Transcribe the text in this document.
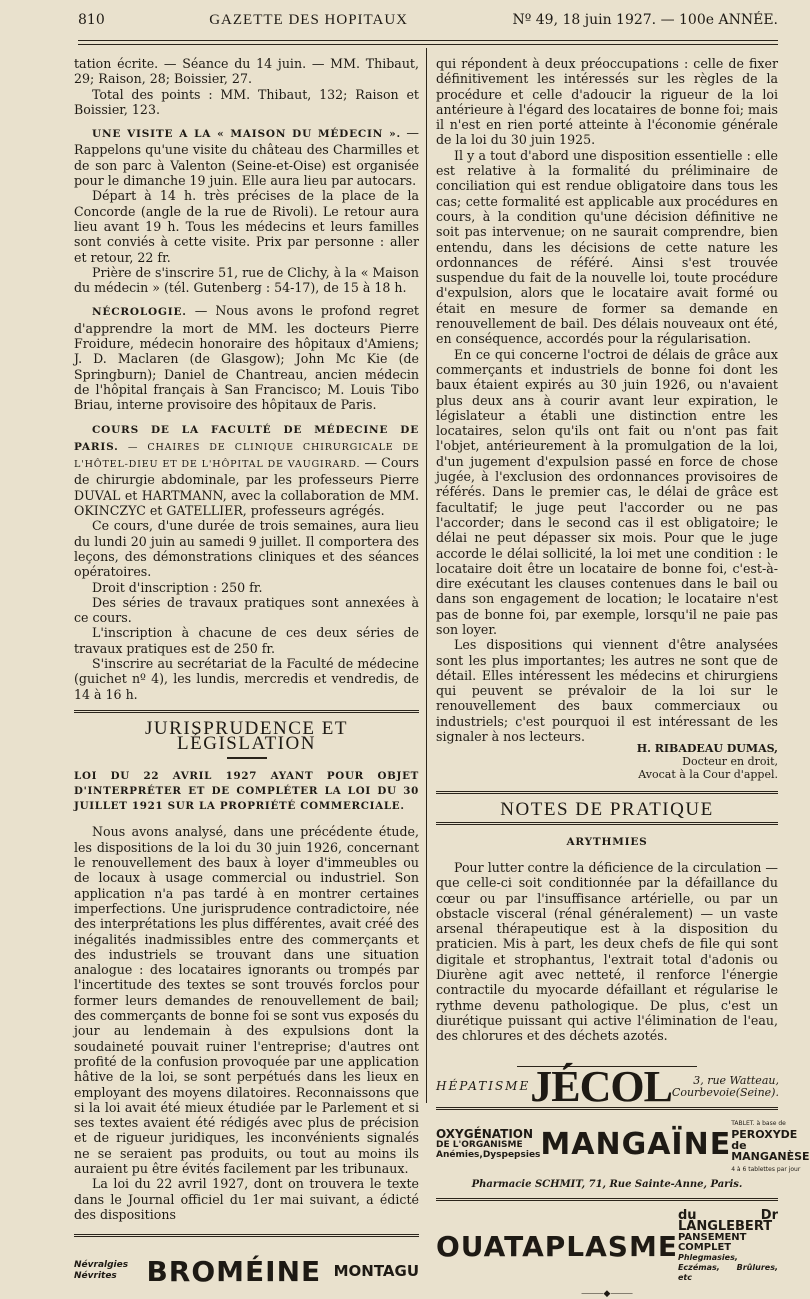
810	GAZETTE DES HOPITAUX	Nº 49, 18 juin 1927. — 100e ANNÉE.

tation écrite. — Séance du 14 juin. — MM. Thibaut, 29; Raison, 28; Boissier, 27.

Total des points : MM. Thibaut, 132; Raison et Boissier, 123.

UNE VISITE A LA « MAISON DU MÉDECIN ». — Rappelons qu'une visite du château des Charmilles et de son parc à Valenton (Seine-et-Oise) est organisée pour le dimanche 19 juin. Elle aura lieu par autocars.

Départ à 14 h. très précises de la place de la Concorde (angle de la rue de Rivoli). Le retour aura lieu avant 19 h. Tous les médecins et leurs familles sont conviés à cette visite. Prix par personne : aller et retour, 22 fr.

Prière de s'inscrire 51, rue de Clichy, à la « Maison du médecin » (tél. Gutenberg : 54-17), de 15 à 18 h.

NÉCROLOGIE. — Nous avons le profond regret d'apprendre la mort de MM. les docteurs Pierre Froidure, médecin honoraire des hôpitaux d'Amiens; J. D. Maclaren (de Glasgow); John Mc Kie (de Springburn); Daniel de Chantreau, ancien médecin de l'hôpital français à San Francisco; M. Louis Tibo Briau, interne provisoire des hôpitaux de Paris.

COURS DE LA FACULTÉ DE MÉDECINE DE PARIS. — CHAIRES DE CLINIQUE CHIRURGICALE DE L'HÔTEL-DIEU ET DE L'HÔPITAL DE VAUGIRARD. — Cours de chirurgie abdominale, par les professeurs Pierre DUVAL et HARTMANN, avec la collaboration de MM. OKINCZYC et GATELLIER, professeurs agrégés.

Ce cours, d'une durée de trois semaines, aura lieu du lundi 20 juin au samedi 9 juillet. Il comportera des leçons, des démonstrations cliniques et des séances opératoires.

Droit d'inscription : 250 fr.

Des séries de travaux pratiques sont annexées à ce cours.

L'inscription à chacune de ces deux séries de travaux pratiques est de 250 fr.

S'inscrire au secrétariat de la Faculté de médecine (guichet nº 4), les lundis, mercredis et vendredis, de 14 à 16 h.

JURISPRUDENCE ET LÉGISLATION
LOI DU 22 AVRIL 1927 AYANT POUR OBJET D'INTERPRÉTER ET DE COMPLÉTER LA LOI DU 30 JUILLET 1921 SUR LA PROPRIÉTÉ COMMERCIALE.

Nous avons analysé, dans une précédente étude, les dispositions de la loi du 30 juin 1926, concernant le renouvellement des baux à loyer d'immeubles ou de locaux à usage commercial ou industriel. Son application n'a pas tardé à en montrer certaines imperfections. Une jurisprudence contradictoire, née des interprétations les plus différentes, avait créé des inégalités inadmissibles entre des commerçants et des industriels se trouvant dans une situation analogue : des locataires ignorants ou trompés par l'incertitude des textes se sont trouvés forclos pour former leurs demandes de renouvellement de bail; des commerçants de bonne foi se sont vus exposés du jour au lendemain à des expulsions dont la soudaineté pouvait ruiner l'entreprise; d'autres ont profité de la confusion provoquée par une application hâtive de la loi, se sont perpétués dans les lieux en employant des moyens dilatoires. Reconnaissons que si la loi avait été mieux étudiée par le Parlement et si ses textes avaient été rédigés avec plus de précision et de rigueur juridiques, les inconvénients signalés ne se seraient pas produits, ou tout au moins ils auraient pu être évités facilement par les tribunaux.

La loi du 22 avril 1927, dont on trouvera le texte dans le Journal officiel du 1er mai suivant, a édicté des dispositions

Névralgies Névrites	BROMÉINE MONTAGU

qui répondent à deux préoccupations : celle de fixer définitivement les intéressés sur les règles de la procédure et celle d'adoucir la rigueur de la loi antérieure à l'égard des locataires de bonne foi; mais il n'est en rien porté atteinte à l'économie générale de la loi du 30 juin 1925.

Il y a tout d'abord une disposition essentielle : elle est relative à la formalité du préliminaire de conciliation qui est rendue obligatoire dans tous les cas; cette formalité est applicable aux procédures en cours, à la condition qu'une décision définitive ne soit pas intervenue; on ne saurait comprendre, bien entendu, dans les décisions de cette nature les ordonnances de référé. Ainsi s'est trouvée suspendue du fait de la nouvelle loi, toute procédure d'expulsion, alors que le locataire avait formé ou était en mesure de former sa demande en renouvellement de bail. Des délais nouveaux ont été, en conséquence, accordés pour la régularisation.

En ce qui concerne l'octroi de délais de grâce aux commerçants et industriels de bonne foi dont les baux étaient expirés au 30 juin 1926, ou n'avaient plus deux ans à courir avant leur expiration, le législateur a établi une distinction entre les locataires, selon qu'ils ont fait ou n'ont pas fait l'objet, antérieurement à la promulgation de la loi, d'un jugement d'expulsion passé en force de chose jugée, à l'exclusion des ordonnances provisoires de référés. Dans le premier cas, le délai de grâce est facultatif; le juge peut l'accorder ou ne pas l'accorder; dans le second cas il est obligatoire; le délai ne peut dépasser six mois. Pour que le juge accorde le délai sollicité, la loi met une condition : le locataire doit être un locataire de bonne foi, c'est-à-dire exécutant les clauses contenues dans le bail ou dans son engagement de location; le locataire n'est pas de bonne foi, par exemple, lorsqu'il ne paie pas son loyer.

Les dispositions qui viennent d'être analysées sont les plus importantes; les autres ne sont que de détail. Elles intéressent les médecins et chirurgiens qui peuvent se prévaloir de la loi sur le renouvellement des baux commerciaux ou industriels; c'est pourquoi il est intéressant de les signaler à nos lecteurs.

H. RIBADEAU DUMAS,
Docteur en droit,
Avocat à la Cour d'appel.
NOTES DE PRATIQUE
ARYTHMIES

Pour lutter contre la déficience de la circulation — que celle-ci soit conditionnée par la défaillance du cœur ou par l'insuffisance artérielle, ou par un obstacle visceral (rénal généralement) — un vaste arsenal thérapeutique est à la disposition du praticien. Mis à part, les deux chefs de file qui sont digitale et strophantus, l'extrait total d'adonis ou Diurène agit avec netteté, il renforce l'énergie contractile du myocarde défaillant et régularise le rythme devenu pathologique. De plus, c'est un diurétique puissant qui active l'élimination de l'eau, des chlorures et des déchets azotés.

HÉPATISME JÉCOL	3, rue Watteau,
Courbevoie(Seine).
OXYGÉNATION
DE L'ORGANISME
Anémies,Dyspepsies MANGAÏNE
TABLET. à base de
PEROXYDE de MANGANÈSE
4 à 6 tablettes par jour
Pharmacie SCHMIT, 71, Rue Sainte-Anne, Paris.
OUATAPLASME
du Dr LANGLEBERT
PANSEMENT COMPLET
Phlegmasies, Eczémas, Brûlures, etc
⸻◆⸻
